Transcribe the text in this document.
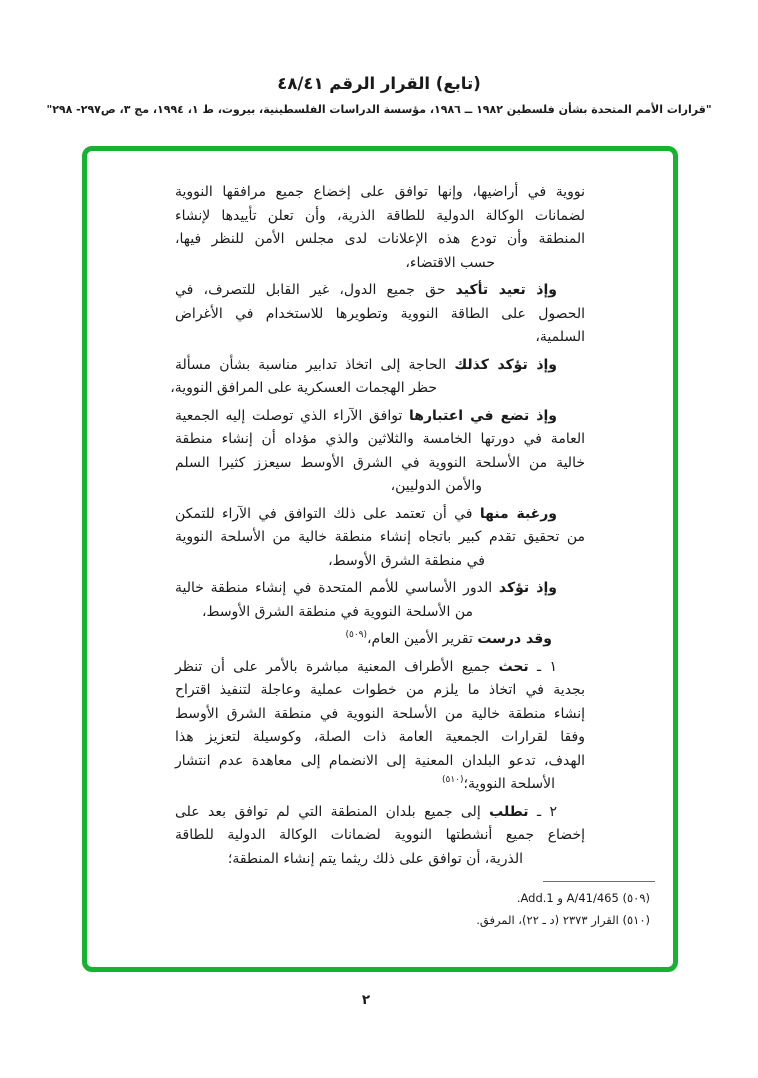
(تابع) القرار الرقم ٤٨/٤١
"قرارات الأمم المتحدة بشأن فلسطين ١٩٨٢ ــ ١٩٨٦، مؤسسة الدراسات الفلسطينية، بيروت، ط ١، ١٩٩٤، مج ٣، ص٢٩٧- ٢٩٨"
نووية في أراضيها، وإنها توافق على إخضاع جميع مرافقها النووية
لضمانات الوكالة الدولية للطاقة الذرية، وأن تعلن تأييدها لإنشاء
المنطقة وأن تودع هذه الإعلانات لدى مجلس الأمن للنظر فيها،
حسب الاقتضاء،
وإذ تعيد تأكيد حق جميع الدول، غير القابل للتصرف، في
الحصول على الطاقة النووية وتطويرها للاستخدام في الأغراض
السلمية،
وإذ تؤكد كذلك الحاجة إلى اتخاذ تدابير مناسبة بشأن مسألة
حظر الهجمات العسكرية على المرافق النووية،
وإذ تضع في اعتبارها توافق الآراء الذي توصلت إليه الجمعية
العامة في دورتها الخامسة والثلاثين والذي مؤداه أن إنشاء منطقة
خالية من الأسلحة النووية في الشرق الأوسط سيعزز كثيرا السلم
والأمن الدوليين،
ورغبة منها في أن تعتمد على ذلك التوافق في الآراء للتمكن
من تحقيق تقدم كبير باتجاه إنشاء منطقة خالية من الأسلحة النووية
في منطقة الشرق الأوسط،
وإذ تؤكد الدور الأساسي للأمم المتحدة في إنشاء منطقة خالية
من الأسلحة النووية في منطقة الشرق الأوسط،
وقد درست تقرير الأمين العام،$^{(٥٠٩)}$
١ ـ تحث جميع الأطراف المعنية مباشرة بالأمر على أن تنظر
بجدية في اتخاذ ما يلزم من خطوات عملية وعاجلة لتنفيذ اقتراح
إنشاء منطقة خالية من الأسلحة النووية في منطقة الشرق الأوسط
وفقا لقرارات الجمعية العامة ذات الصلة، وكوسيلة لتعزيز هذا
الهدف، تدعو البلدان المعنية إلى الانضمام إلى معاهدة عدم انتشار
الأسلحة النووية؛$^{(٥١٠)}$
٢ ـ تطلب إلى جميع بلدان المنطقة التي لم توافق بعد على
إخضاع جميع أنشطتها النووية لضمانات الوكالة الدولية للطاقة
الذرية، أن توافق على ذلك ريثما يتم إنشاء المنطقة؛
(٥٠٩) A/41/465 و Add.1.
(٥١٠) القرار ٢٣٧٣ (د ـ ٢٢)، المرفق.
٢
